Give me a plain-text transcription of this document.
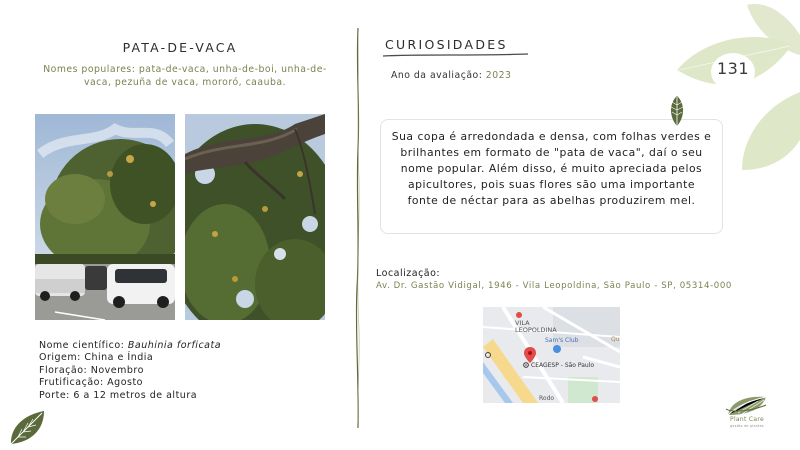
PATA-DE-VACA
Nomes populares: pata-de-vaca, unha-de-boi, unha-de-vaca, pezuña de vaca, mororó, caauba.
Nome científico: Bauhinia forficata
Origem: China e Índia
Floração: Novembro
Frutificação: Agosto
Porte: 6 a 12 metros de altura
CURIOSIDADES
Ano da avaliação: 2023
Sua copa é arredondada e densa, com folhas verdes e brilhantes em formato de "pata de vaca", daí o seu nome popular. Além disso, é muito apreciada pelos apicultores, pois suas flores são uma importante fonte de néctar para as abelhas produzirem mel.
Localização:
Av. Dr. Gastão Vidigal, 1946 - Vila Leopoldina, São Paulo - SP, 05314-000
VILA
LEOPOLDINA
Sam's Club
CEAGESP - São Paulo
Rodo
Qu
131
Plant Care
gestão de plantas
